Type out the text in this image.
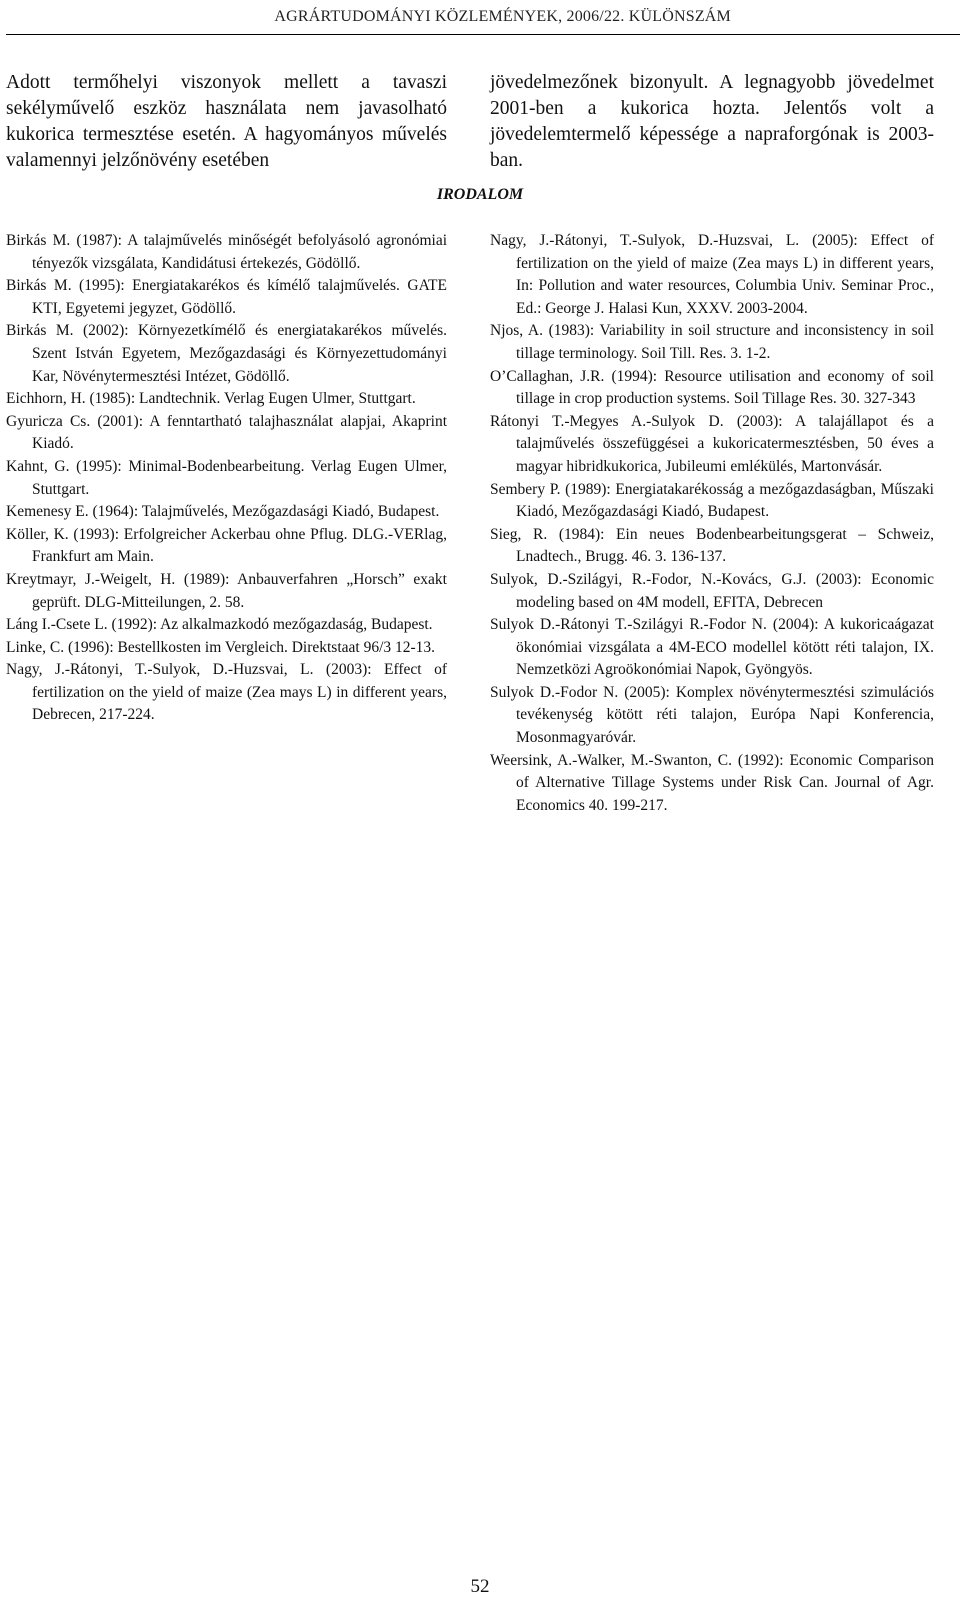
AGRÁRTUDOMÁNYI KÖZLEMÉNYEK, 2006/22. KÜLÖNSZÁM
Adott termőhelyi viszonyok mellett a tavaszi sekélyművelő eszköz használata nem javasolható kukorica termesztése esetén. A hagyományos művelés valamennyi jelzőnövény esetében
jövedelmezőnek bizonyult. A legnagyobb jövedelmet 2001-ben a kukorica hozta. Jelentős volt a jövedelemtermelő képessége a napraforgónak is 2003-ban.
IRODALOM
Birkás M. (1987): A talajművelés minőségét befolyásoló agronómiai tényezők vizsgálata, Kandidátusi értekezés, Gödöllő.
Birkás M. (1995): Energiatakarékos és kímélő talajművelés. GATE KTI, Egyetemi jegyzet, Gödöllő.
Birkás M. (2002): Környezetkímélő és energiatakarékos művelés. Szent István Egyetem, Mezőgazdasági és Környezettudományi Kar, Növénytermesztési Intézet, Gödöllő.
Eichhorn, H. (1985): Landtechnik. Verlag Eugen Ulmer, Stuttgart.
Gyuricza Cs. (2001): A fenntartható talajhasználat alapjai, Akaprint Kiadó.
Kahnt, G. (1995): Minimal-Bodenbearbeitung. Verlag Eugen Ulmer, Stuttgart.
Kemenesy E. (1964): Talajművelés, Mezőgazdasági Kiadó, Budapest.
Köller, K. (1993): Erfolgreicher Ackerbau ohne Pflug. DLG.-VERlag, Frankfurt am Main.
Kreytmayr, J.-Weigelt, H. (1989): Anbauverfahren „Horsch” exakt geprüft. DLG-Mitteilungen, 2. 58.
Láng I.-Csete L. (1992): Az alkalmazkodó mezőgazdaság, Budapest.
Linke, C. (1996): Bestellkosten im Vergleich. Direktstaat 96/3 12-13.
Nagy, J.-Rátonyi, T.-Sulyok, D.-Huzsvai, L. (2003): Effect of fertilization on the yield of maize (Zea mays L) in different years, Debrecen, 217-224.
Nagy, J.-Rátonyi, T.-Sulyok, D.-Huzsvai, L. (2005): Effect of fertilization on the yield of maize (Zea mays L) in different years, In: Pollution and water resources, Columbia Univ. Seminar Proc., Ed.: George J. Halasi Kun, XXXV. 2003-2004.
Njos, A. (1983): Variability in soil structure and inconsistency in soil tillage terminology. Soil Till. Res. 3. 1-2.
O’Callaghan, J.R. (1994): Resource utilisation and economy of soil tillage in crop production systems. Soil Tillage Res. 30. 327-343
Rátonyi T.-Megyes A.-Sulyok D. (2003): A talajállapot és a talajművelés összefüggései a kukoricatermesztésben, 50 éves a magyar hibridkukorica, Jubileumi emlékülés, Martonvásár.
Sembery P. (1989): Energiatakarékosság a mezőgazdaságban, Műszaki Kiadó, Mezőgazdasági Kiadó, Budapest.
Sieg, R. (1984): Ein neues Bodenbearbeitungsgerat – Schweiz, Lnadtech., Brugg. 46. 3. 136-137.
Sulyok, D.-Szilágyi, R.-Fodor, N.-Kovács, G.J. (2003): Economic modeling based on 4M modell, EFITA, Debrecen
Sulyok D.-Rátonyi T.-Szilágyi R.-Fodor N. (2004): A kukoricaágazat ökonómiai vizsgálata a 4M-ECO modellel kötött réti talajon, IX. Nemzetközi Agroökonómiai Napok, Gyöngyös.
Sulyok D.-Fodor N. (2005): Komplex növénytermesztési szimulációs tevékenység kötött réti talajon, Európa Napi Konferencia, Mosonmagyaróvár.
Weersink, A.-Walker, M.-Swanton, C. (1992): Economic Comparison of Alternative Tillage Systems under Risk Can. Journal of Agr. Economics 40. 199-217.
52
